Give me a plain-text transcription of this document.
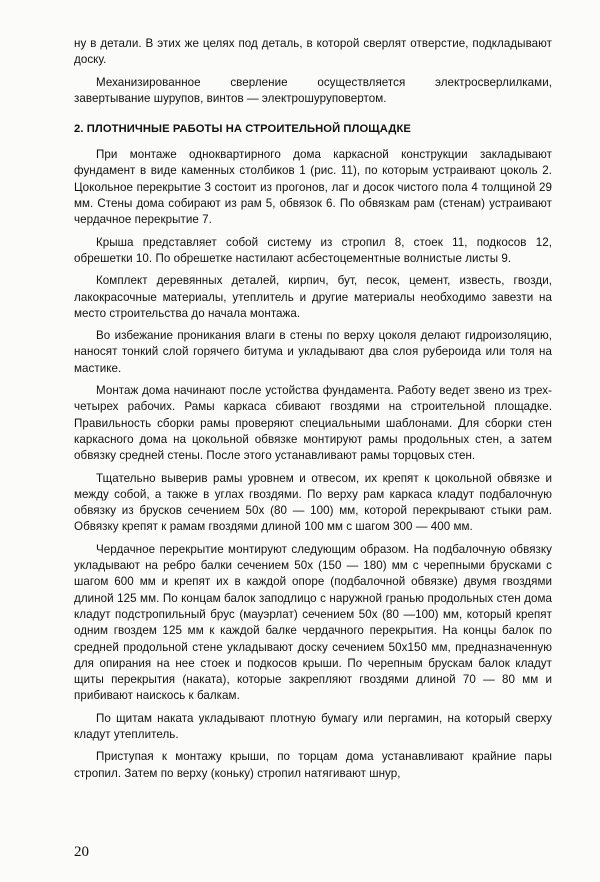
ну в детали. В этих же целях под деталь, в которой сверлят отверстие, подкладывают доску.

Механизированное сверление осуществляется электросверлилками, завертывание шурупов, винтов — электрошуруповертом.

2. ПЛОТНИЧНЫЕ РАБОТЫ НА СТРОИТЕЛЬНОЙ ПЛОЩАДКЕ

При монтаже одноквартирного дома каркасной конструкции закладывают фундамент в виде каменных столбиков 1 (рис. 11), по которым устраивают цоколь 2. Цокольное перекрытие 3 состоит из прогонов, лаг и досок чистого пола 4 толщиной 29 мм. Стены дома собирают из рам 5, обвязок 6. По обвязкам рам (стенам) устраивают чердачное перекрытие 7.

Крыша представляет собой систему из стропил 8, стоек 11, подкосов 12, обрешетки 10. По обрешетке настилают асбестоцементные волнистые листы 9.

Комплект деревянных деталей, кирпич, бут, песок, цемент, известь, гвозди, лакокрасочные материалы, утеплитель и другие материалы необходимо завезти на место строительства до начала монтажа.

Во избежание проникания влаги в стены по верху цоколя делают гидроизоляцию, наносят тонкий слой горячего битума и укладывают два слоя рубероида или толя на мастике.

Монтаж дома начинают после устойства фундамента. Работу ведет звено из трех-четырех рабочих. Рамы каркаса сбивают гвоздями на строительной площадке. Правильность сборки рамы проверяют специальными шаблонами. Для сборки стен каркасного дома на цокольной обвязке монтируют рамы продольных стен, а затем обвязку средней стены. После этого устанавливают рамы торцовых стен.

Тщательно выверив рамы уровнем и отвесом, их крепят к цокольной обвязке и между собой, а также в углах гвоздями. По верху рам каркаса кладут подбалочную обвязку из брусков сечением 50x (80 — 100) мм, которой перекрывают стыки рам. Обвязку крепят к рамам гвоздями длиной 100 мм с шагом 300 — 400 мм.

Чердачное перекрытие монтируют следующим образом. На подбалочную обвязку укладывают на ребро балки сечением 50x (150 — 180) мм с черепными брусками с шагом 600 мм и крепят их в каждой опоре (подбалочной обвязке) двумя гвоздями длиной 125 мм. По концам балок заподлицо с наружной гранью продольных стен дома кладут подстропильный брус (мауэрлат) сечением 50x (80 —100) мм, который крепят одним гвоздем 125 мм к каждой балке чердачного перекрытия. На концы балок по средней продольной стене укладывают доску сечением 50x150 мм, предназначенную для опирания на нее стоек и подкосов крыши. По черепным брускам балок кладут щиты перекрытия (наката), которые закрепляют гвоздями длиной 70 — 80 мм и прибивают наискось к балкам.

По щитам наката укладывают плотную бумагу или пергамин, на который сверху кладут утеплитель.

Приступая к монтажу крыши, по торцам дома устанавливают крайние пары стропил. Затем по верху (коньку) стропил натягивают шнур,

20
